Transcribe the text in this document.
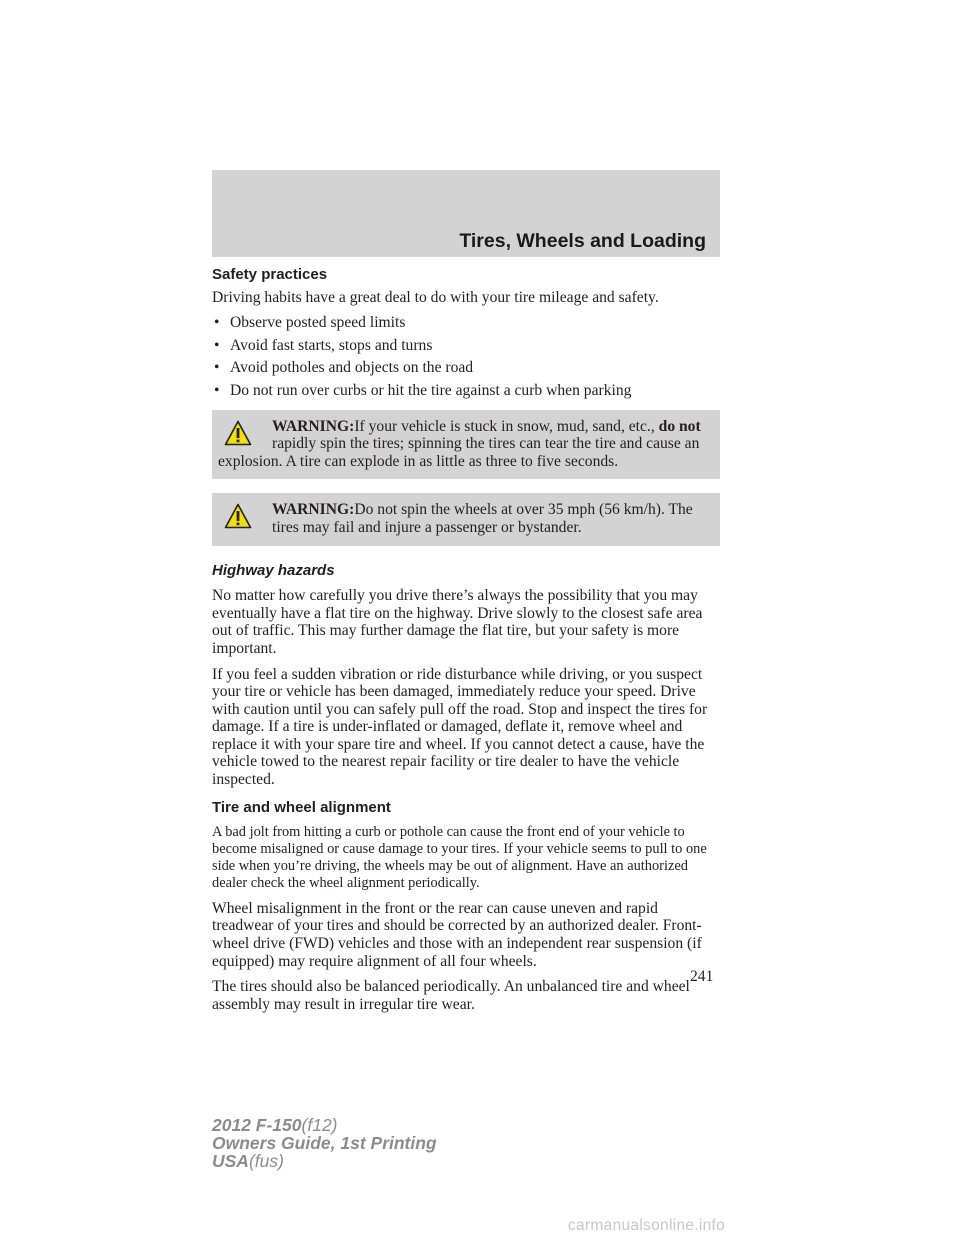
Tires, Wheels and Loading
Safety practices

Driving habits have a great deal to do with your tire mileage and safety.

• Observe posted speed limits
• Avoid fast starts, stops and turns
• Avoid potholes and objects on the road
• Do not run over curbs or hit the tire against a curb when parking
WARNING:If your vehicle is stuck in snow, mud, sand, etc., do not rapidly spin the tires; spinning the tires can tear the tire and cause an explosion. A tire can explode in as little as three to five seconds.
WARNING:Do not spin the wheels at over 35 mph (56 km/h). The tires may fail and injure a passenger or bystander.
Highway hazards

No matter how carefully you drive there’s always the possibility that you may eventually have a flat tire on the highway. Drive slowly to the closest safe area out of traffic. This may further damage the flat tire, but your safety is more important.

If you feel a sudden vibration or ride disturbance while driving, or you suspect your tire or vehicle has been damaged, immediately reduce your speed. Drive with caution until you can safely pull off the road. Stop and inspect the tires for damage. If a tire is under-inflated or damaged, deflate it, remove wheel and replace it with your spare tire and wheel. If you cannot detect a cause, have the vehicle towed to the nearest repair facility or tire dealer to have the vehicle inspected.

Tire and wheel alignment

A bad jolt from hitting a curb or pothole can cause the front end of your vehicle to become misaligned or cause damage to your tires. If your vehicle seems to pull to one side when you’re driving, the wheels may be out of alignment. Have an authorized dealer check the wheel alignment periodically.

Wheel misalignment in the front or the rear can cause uneven and rapid treadwear of your tires and should be corrected by an authorized dealer. Front-wheel drive (FWD) vehicles and those with an independent rear suspension (if equipped) may require alignment of all four wheels.

The tires should also be balanced periodically. An unbalanced tire and wheel assembly may result in irregular tire wear.

241
2012 F-150(f12)
Owners Guide, 1st Printing
USA(fus)
carmanualsonline.info
